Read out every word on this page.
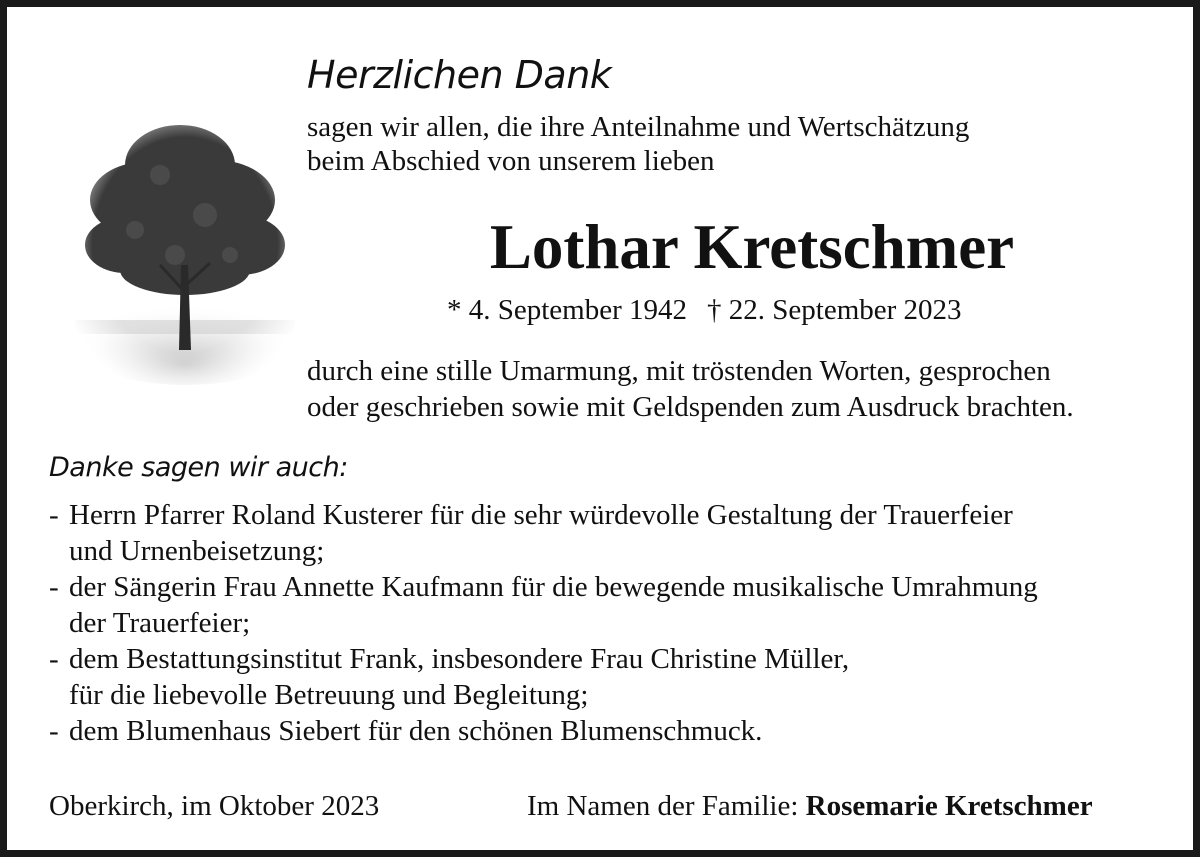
Herzlichen Dank
sagen wir allen, die ihre Anteilnahme und Wertschätzung
beim Abschied von unserem lieben
Lothar Kretschmer
* 4. September 1942 † 22. September 2023
durch eine stille Umarmung, mit tröstenden Worten, gesprochen
oder geschrieben sowie mit Geldspenden zum Ausdruck brachten.
Danke sagen wir auch:
- Herrn Pfarrer Roland Kusterer für die sehr würdevolle Gestaltung der Trauerfeier
und Urnenbeisetzung;
- der Sängerin Frau Annette Kaufmann für die bewegende musikalische Umrahmung
der Trauerfeier;
- dem Bestattungsinstitut Frank, insbesondere Frau Christine Müller,
für die liebevolle Betreuung und Begleitung;
- dem Blumenhaus Siebert für den schönen Blumenschmuck.
Oberkirch, im Oktober 2023	Im Namen der Familie: Rosemarie Kretschmer
